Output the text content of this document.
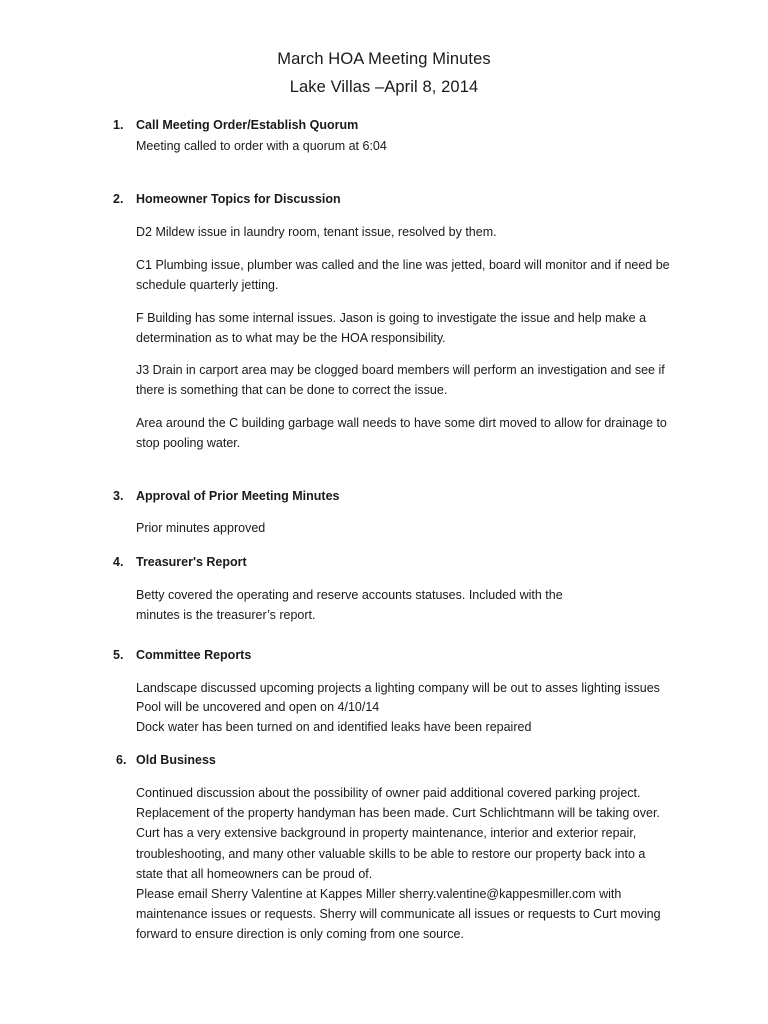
March HOA Meeting Minutes
Lake Villas –April 8, 2014
1. Call Meeting Order/Establish Quorum
Meeting called to order with a quorum at 6:04
2. Homeowner Topics for Discussion
D2 Mildew issue in laundry room, tenant issue, resolved by them.
C1 Plumbing issue, plumber was called and the line was jetted, board will monitor and if need be
schedule quarterly jetting.
F Building has some internal issues. Jason is going to investigate the issue and help make a
determination as to what may be the HOA responsibility.
J3 Drain in carport area may be clogged board members will perform an investigation and see if
there is something that can be done to correct the issue.
Area around the C building garbage wall needs to have some dirt moved to allow for drainage to
stop pooling water.
3. Approval of Prior Meeting Minutes
Prior minutes approved
4. Treasurer's Report
Betty covered the operating and reserve accounts statuses. Included with the
minutes is the treasurer’s report.
5. Committee Reports
Landscape discussed upcoming projects a lighting company will be out to asses lighting issues
Pool will be uncovered and open on 4/10/14
Dock water has been turned on and identified leaks have been repaired
6. Old Business
Continued discussion about the possibility of owner paid additional covered parking project.
Replacement of the property handyman has been made. Curt Schlichtmann will be taking over.
Curt has a very extensive background in property maintenance, interior and exterior repair,
troubleshooting, and many other valuable skills to be able to restore our property back into a
state that all homeowners can be proud of.
Please email Sherry Valentine at Kappes Miller sherry.valentine@kappesmiller.com with
maintenance issues or requests. Sherry will communicate all issues or requests to Curt moving
forward to ensure direction is only coming from one source.
